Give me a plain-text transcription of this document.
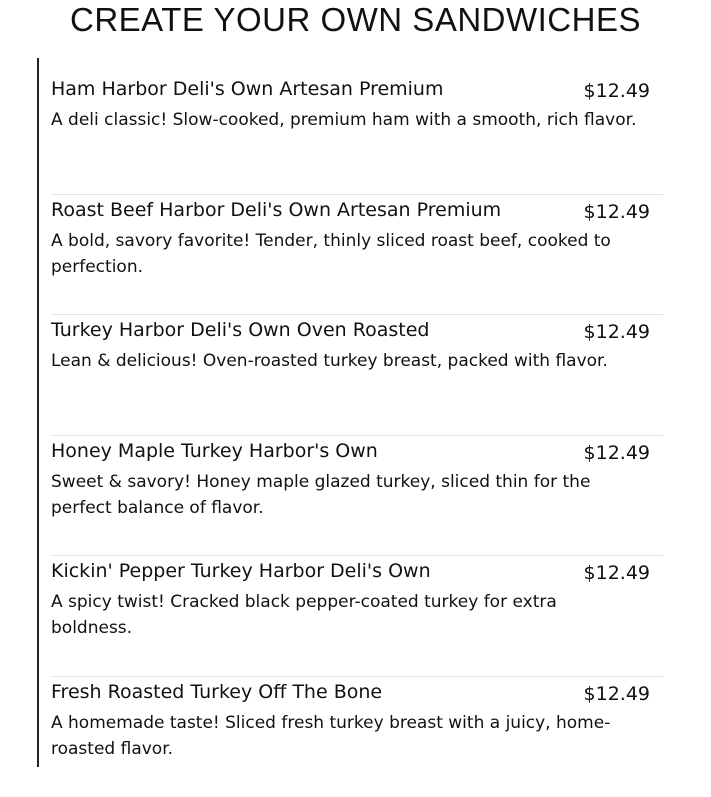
CREATE YOUR OWN SANDWICHES
Ham Harbor Deli's Own Artesan Premium	$12.49
A deli classic! Slow-cooked, premium ham with a smooth, rich flavor.
Roast Beef Harbor Deli's Own Artesan Premium	$12.49
A bold, savory favorite! Tender, thinly sliced roast beef, cooked to perfection.
Turkey Harbor Deli's Own Oven Roasted	$12.49
Lean & delicious! Oven-roasted turkey breast, packed with flavor.
Honey Maple Turkey Harbor's Own	$12.49
Sweet & savory! Honey maple glazed turkey, sliced thin for the perfect balance of flavor.
Kickin' Pepper Turkey Harbor Deli's Own	$12.49
A spicy twist! Cracked black pepper-coated turkey for extra boldness.
Fresh Roasted Turkey Off The Bone	$12.49
A homemade taste! Sliced fresh turkey breast with a juicy, home-roasted flavor.
